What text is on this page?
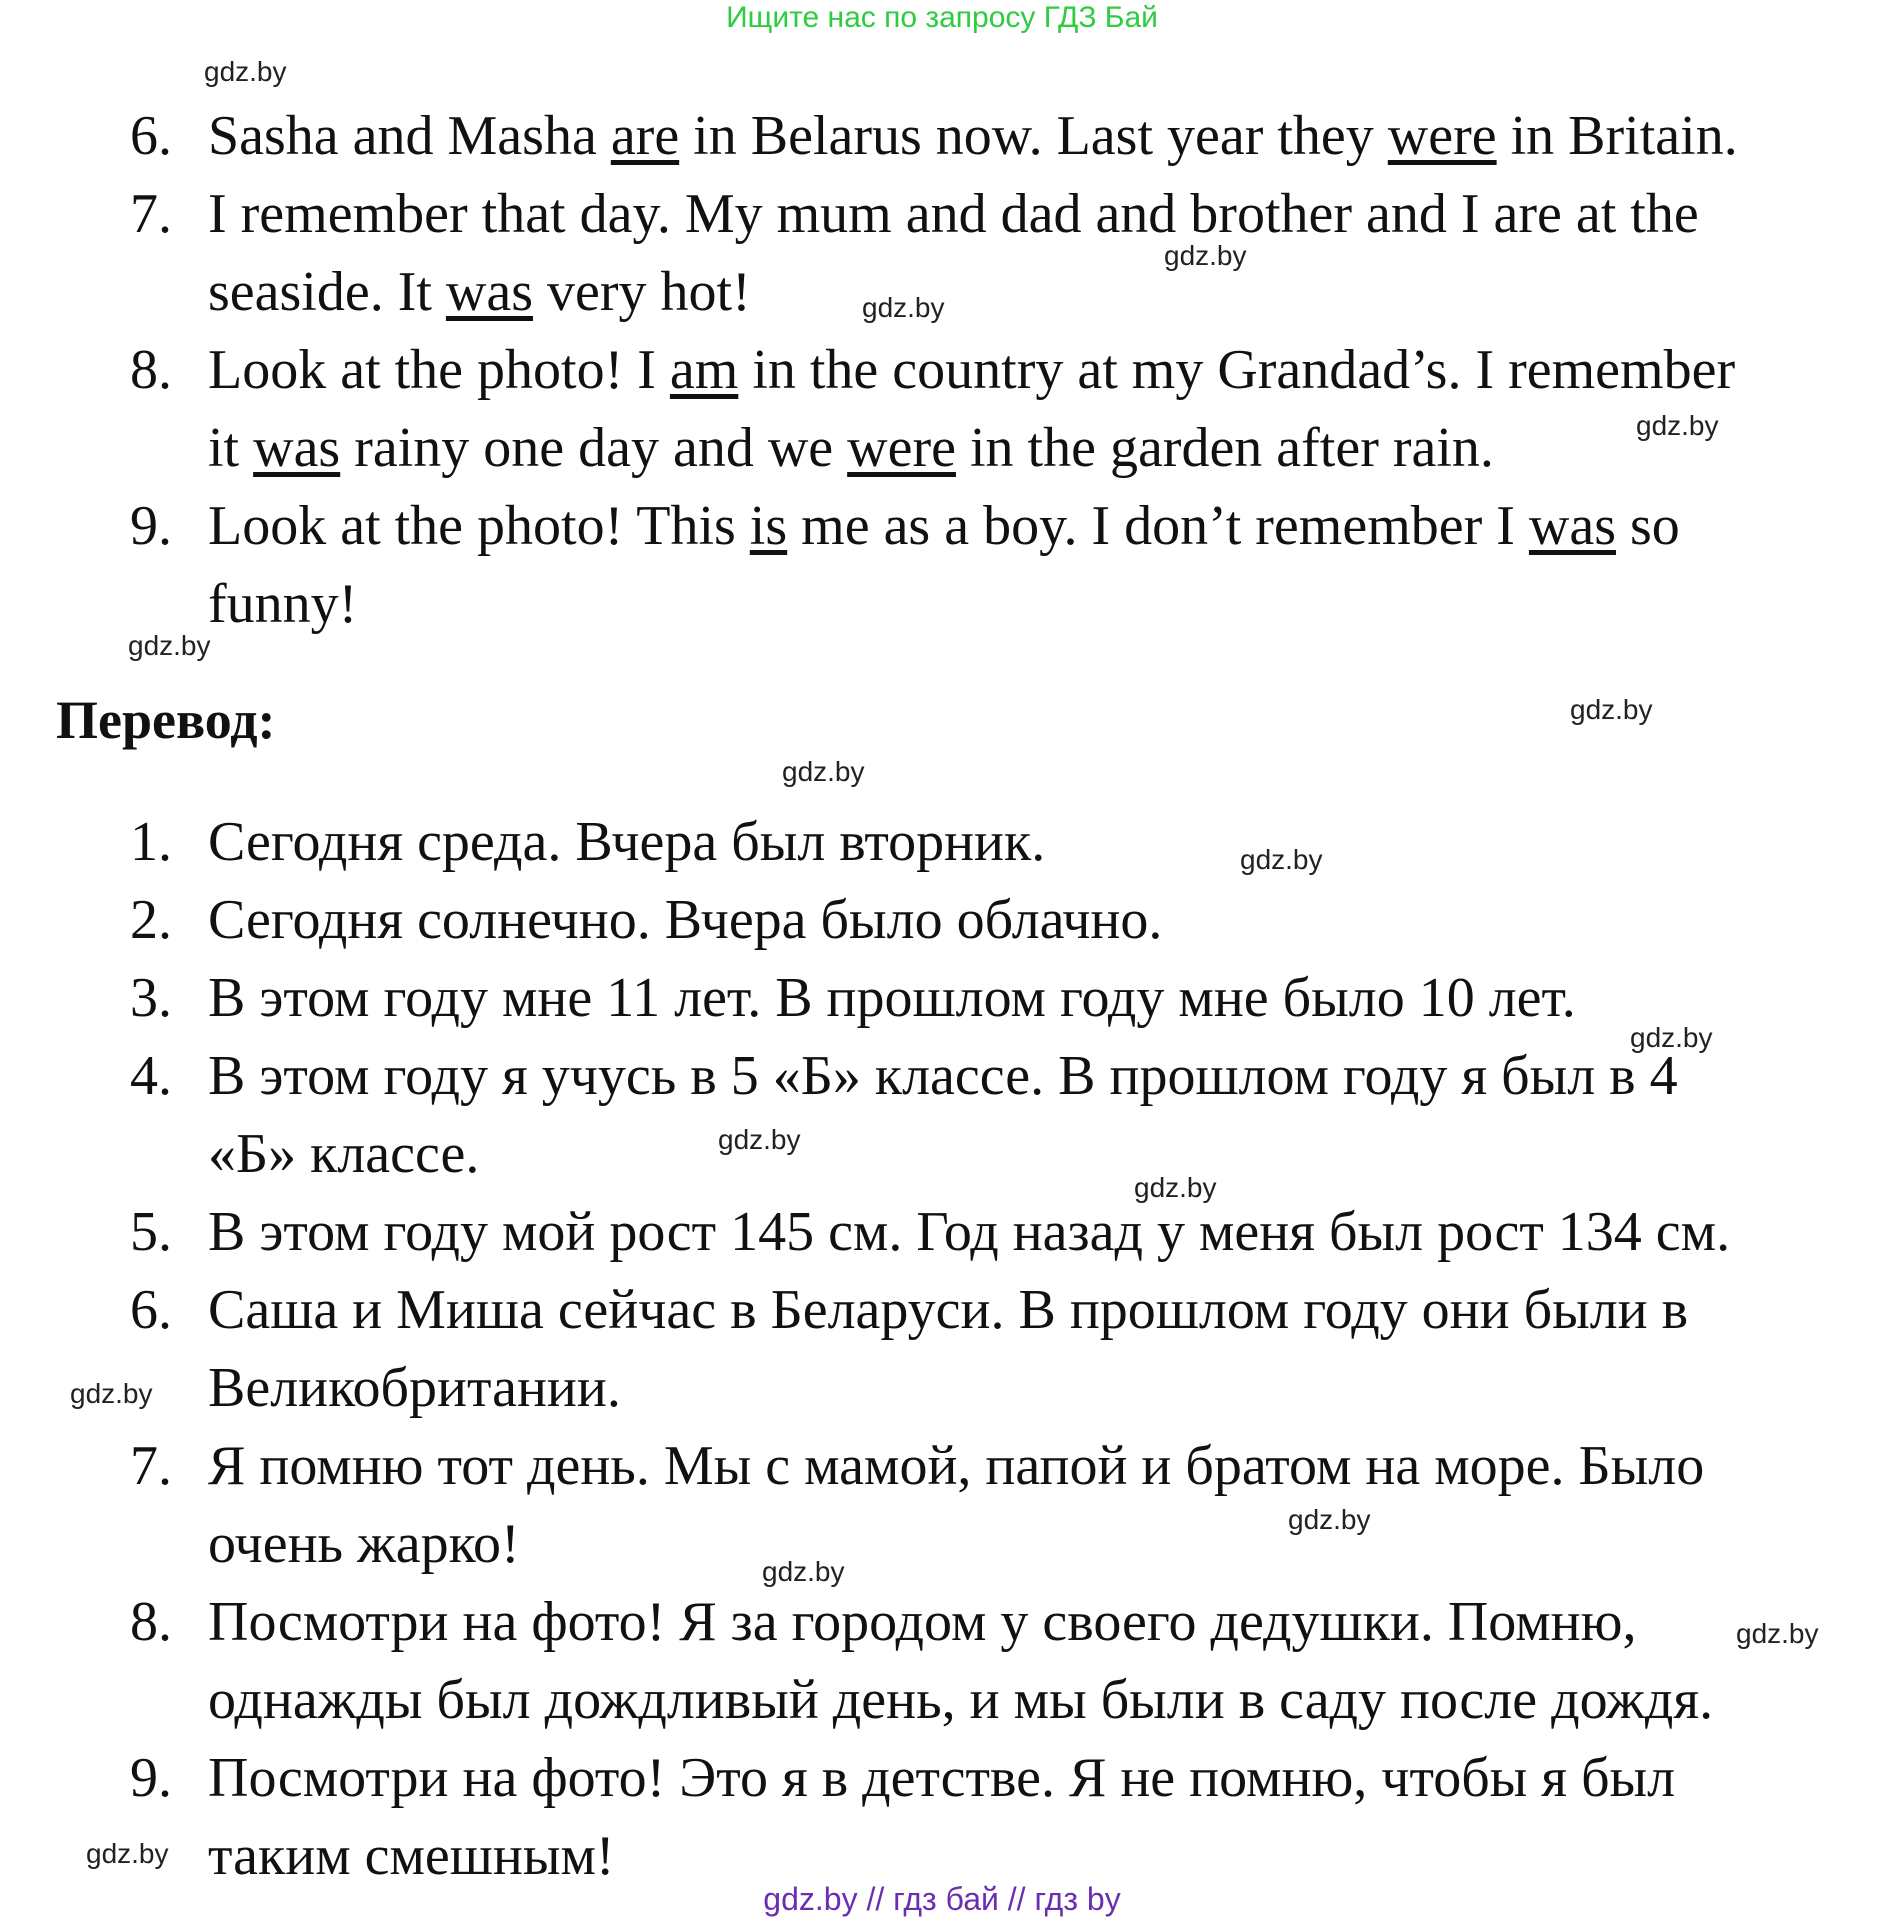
Ищите нас по запросу ГДЗ Бай
gdz.by
gdz.by
gdz.by
gdz.by
gdz.by
gdz.by
gdz.by
gdz.by
gdz.by
gdz.by
gdz.by
gdz.by
gdz.by
gdz.by
gdz.by
gdz.by
6. Sasha and Masha are in Belarus now. Last year they were in Britain.
7. I remember that day. My mum and dad and brother and I are at the
seaside. It was very hot!
8. Look at the photo! I am in the country at my Grandad’s. I remember
it was rainy one day and we were in the garden after rain.
9. Look at the photo! This is me as a boy. I don’t remember I was so
funny!
Перевод:
1. Сегодня среда. Вчера был вторник.
2. Сегодня солнечно. Вчера было облачно.
3. В этом году мне 11 лет. В прошлом году мне было 10 лет.
4. В этом году я учусь в 5 «Б» классе. В прошлом году я был в 4
«Б» классе.
5. В этом году мой рост 145 см. Год назад у меня был рост 134 см.
6. Саша и Миша сейчас в Беларуси. В прошлом году они были в
Великобритании.
7. Я помню тот день. Мы с мамой, папой и братом на море. Было
очень жарко!
8. Посмотри на фото! Я за городом у своего дедушки. Помню,
однажды был дождливый день, и мы были в саду после дождя.
9. Посмотри на фото! Это я в детстве. Я не помню, чтобы я был
таким смешным!
gdz.by // гдз бай // гдз by
